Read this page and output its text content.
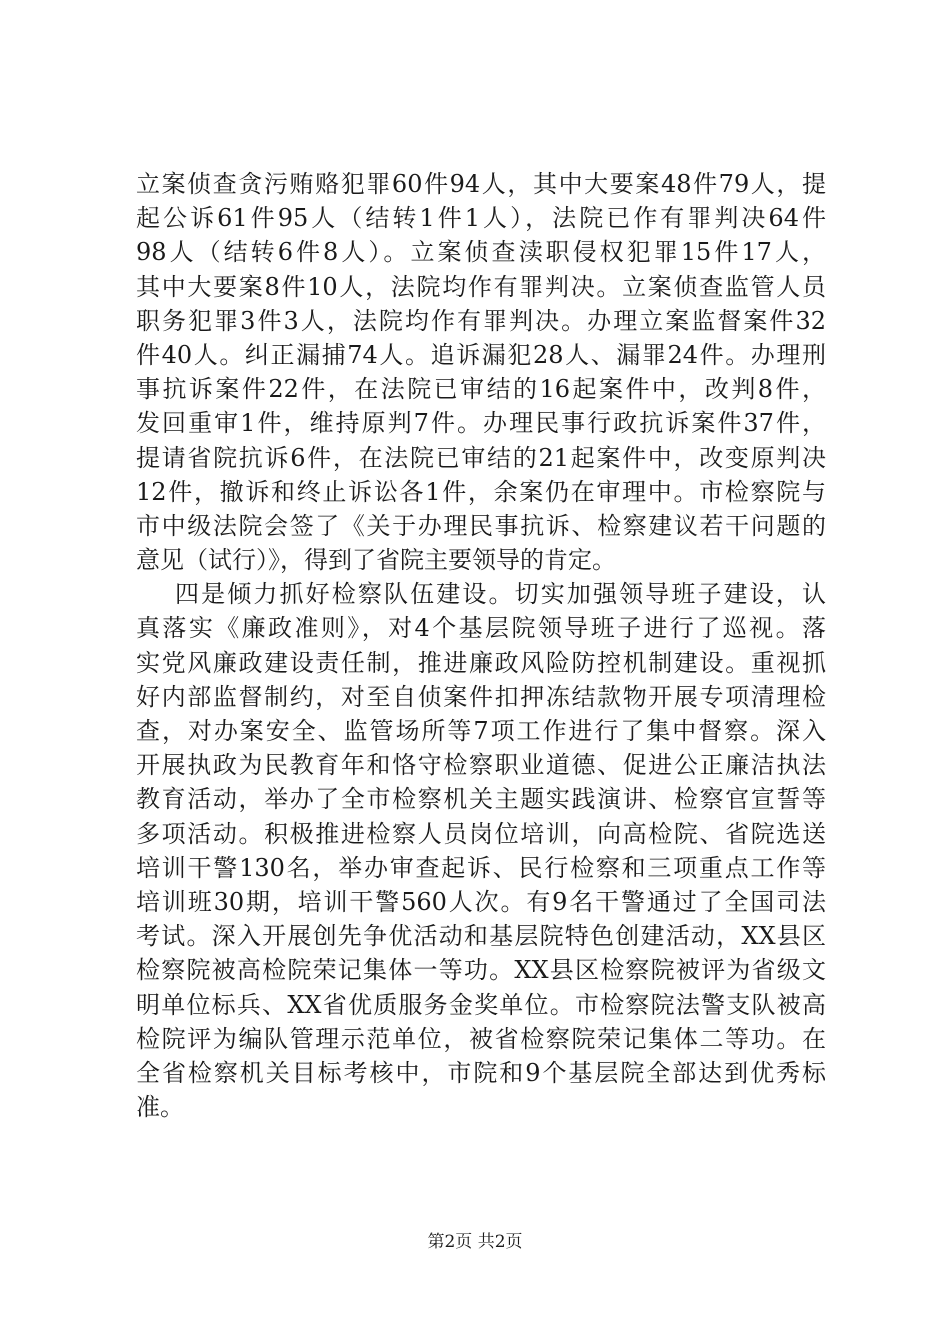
立案侦查贪污贿赂犯罪60件94人，其中大要案48件79人，提
起公诉61件95人（结转1件1人），法院已作有罪判决64件
98人（结转6件8人）。立案侦查渎职侵权犯罪15件17人，
其中大要案8件10人，法院均作有罪判决。立案侦查监管人员
职务犯罪3件3人，法院均作有罪判决。办理立案监督案件32
件40人。纠正漏捕74人。追诉漏犯28人、漏罪24件。办理刑
事抗诉案件22件，在法院已审结的16起案件中，改判8件，
发回重审1件，维持原判7件。办理民事行政抗诉案件37件，
提请省院抗诉6件，在法院已审结的21起案件中，改变原判决
12件，撤诉和终止诉讼各1件，余案仍在审理中。市检察院与
市中级法院会签了《关于办理民事抗诉、检察建议若干问题的
意见（试行）》，得到了省院主要领导的肯定。
四是倾力抓好检察队伍建设。切实加强领导班子建设，认
真落实《廉政准则》，对4个基层院领导班子进行了巡视。落
实党风廉政建设责任制，推进廉政风险防控机制建设。重视抓
好内部监督制约，对至自侦案件扣押冻结款物开展专项清理检
查，对办案安全、监管场所等7项工作进行了集中督察。深入
开展执政为民教育年和恪守检察职业道德、促进公正廉洁执法
教育活动，举办了全市检察机关主题实践演讲、检察官宣誓等
多项活动。积极推进检察人员岗位培训，向高检院、省院选送
培训干警130名，举办审查起诉、民行检察和三项重点工作等
培训班30期，培训干警560人次。有9名干警通过了全国司法
考试。深入开展创先争优活动和基层院特色创建活动，XX县区
检察院被高检院荣记集体一等功。XX县区检察院被评为省级文
明单位标兵、XX省优质服务金奖单位。市检察院法警支队被高
检院评为编队管理示范单位，被省检察院荣记集体二等功。在
全省检察机关目标考核中，市院和9个基层院全部达到优秀标
准。
第2页 共2页
